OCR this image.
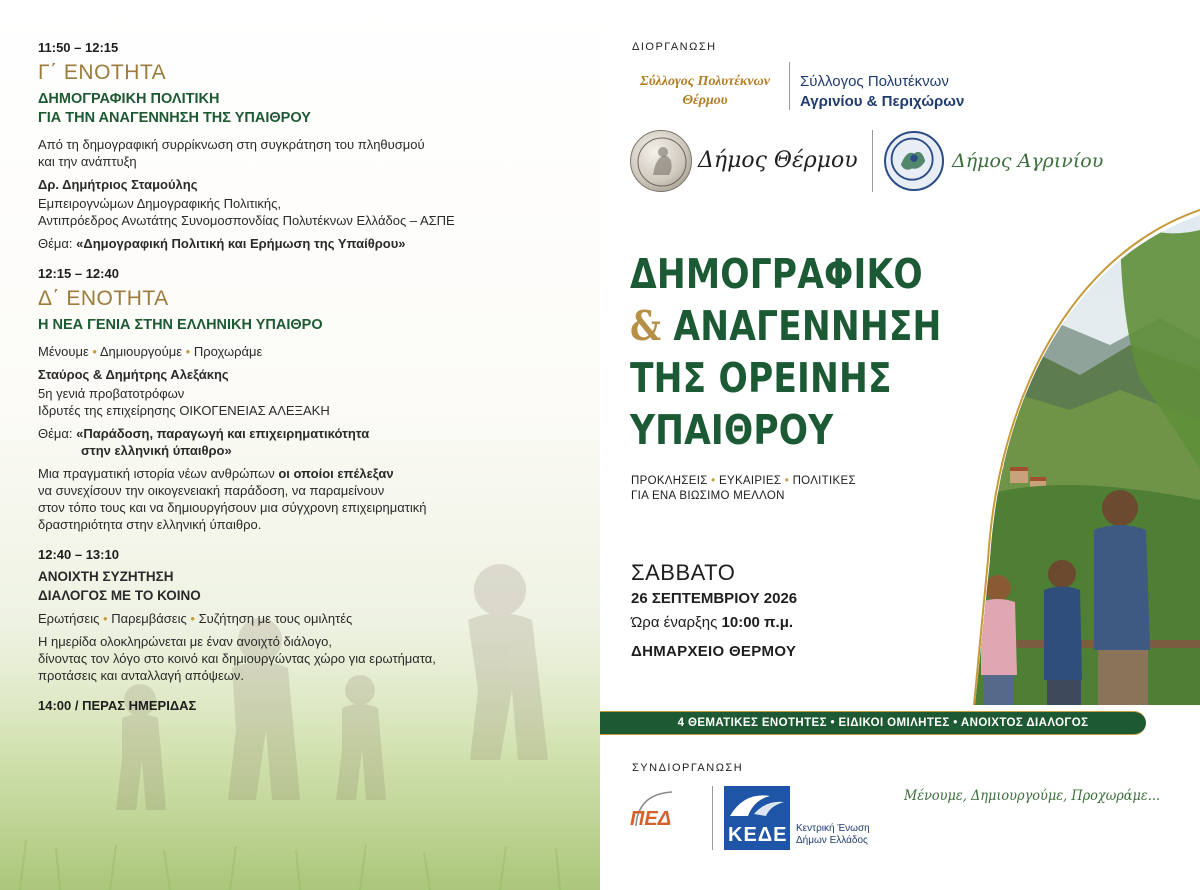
11:50 – 12:15
Γ΄ ΕΝΟΤΗΤΑ
ΔΗΜΟΓΡΑΦΙΚΗ ΠΟΛΙΤΙΚΗ
ΓΙΑ ΤΗΝ ΑΝΑΓΕΝΝΗΣΗ ΤΗΣ ΥΠΑΙΘΡΟΥ
Από τη δημογραφική συρρίκνωση στη συγκράτηση του πληθυσμού
και την ανάπτυξη
Δρ. Δημήτριος Σταμούλης
Εμπειρογνώμων Δημογραφικής Πολιτικής,
Αντιπρόεδρος Ανωτάτης Συνομοσπονδίας Πολυτέκνων Ελλάδος – ΑΣΠΕ
Θέμα: «Δημογραφική Πολιτική και Ερήμωση της Υπαίθρου»
12:15 – 12:40
Δ΄ ΕΝΟΤΗΤΑ
Η ΝΕΑ ΓΕΝΙΑ ΣΤΗΝ ΕΛΛΗΝΙΚΗ ΥΠΑΙΘΡΟ
Μένουμε • Δημιουργούμε • Προχωράμε
Σταύρος & Δημήτρης Αλεξάκης
5η γενιά προβατοτρόφων
Ιδρυτές της επιχείρησης ΟΙΚΟΓΕΝΕΙΑΣ ΑΛΕΞΑΚΗ
Θέμα: «Παράδοση, παραγωγή και επιχειρηματικότητα
στην ελληνική ύπαιθρο»
Μια πραγματική ιστορία νέων ανθρώπων οι οποίοι επέλεξαν
να συνεχίσουν την οικογενειακή παράδοση, να παραμείνουν
στον τόπο τους και να δημιουργήσουν μια σύγχρονη επιχειρηματική
δραστηριότητα στην ελληνική ύπαιθρο.
12:40 – 13:10
ΑΝΟΙΧΤΗ ΣΥΖΗΤΗΣΗ
ΔΙΑΛΟΓΟΣ ΜΕ ΤΟ ΚΟΙΝΟ
Ερωτήσεις • Παρεμβάσεις • Συζήτηση με τους ομιλητές
Η ημερίδα ολοκληρώνεται με έναν ανοιχτό διάλογο,
δίνοντας τον λόγο στο κοινό και δημιουργώντας χώρο για ερωτήματα,
προτάσεις και ανταλλαγή απόψεων.
14:00 / ΠΕΡΑΣ ΗΜΕΡΙΔΑΣ
ΔΙΟΡΓΑΝΩΣΗ
Σύλλογος Πολυτέκνων
Θέρμου
Σύλλογος Πολυτέκνων
Αγρινίου & Περιχώρων
Δήμος Θέρμου	Δήμος Αγρινίου
ΔΗΜΟΓΡΑΦΙΚΟ
& ΑΝΑΓΕΝΝΗΣΗ
ΤΗΣ ΟΡΕΙΝΗΣ
ΥΠΑΙΘΡΟΥ
ΠΡΟΚΛΗΣΕΙΣ • ΕΥΚΑΙΡΙΕΣ • ΠΟΛΙΤΙΚΕΣ
ΓΙΑ ΕΝΑ ΒΙΩΣΙΜΟ ΜΕΛΛΟΝ
ΣΑΒΒΑΤΟ
26 ΣΕΠΤΕΜΒΡΙΟΥ 2026
Ώρα έναρξης 10:00 π.μ.
ΔΗΜΑΡΧΕΙΟ ΘΕΡΜΟΥ
4 ΘΕΜΑΤΙΚΕΣ ΕΝΟΤΗΤΕΣ • ΕΙΔΙΚΟΙ ΟΜΙΛΗΤΕΣ • ΑΝΟΙΧΤΟΣ ΔΙΑΛΟΓΟΣ
ΣΥΝΔΙΟΡΓΑΝΩΣΗ
ΠΕΔ
ΚΕΔΕ Κεντρική Ένωση
Δήμων Ελλάδος
Μένουμε, Δημιουργούμε, Προχωράμε...
